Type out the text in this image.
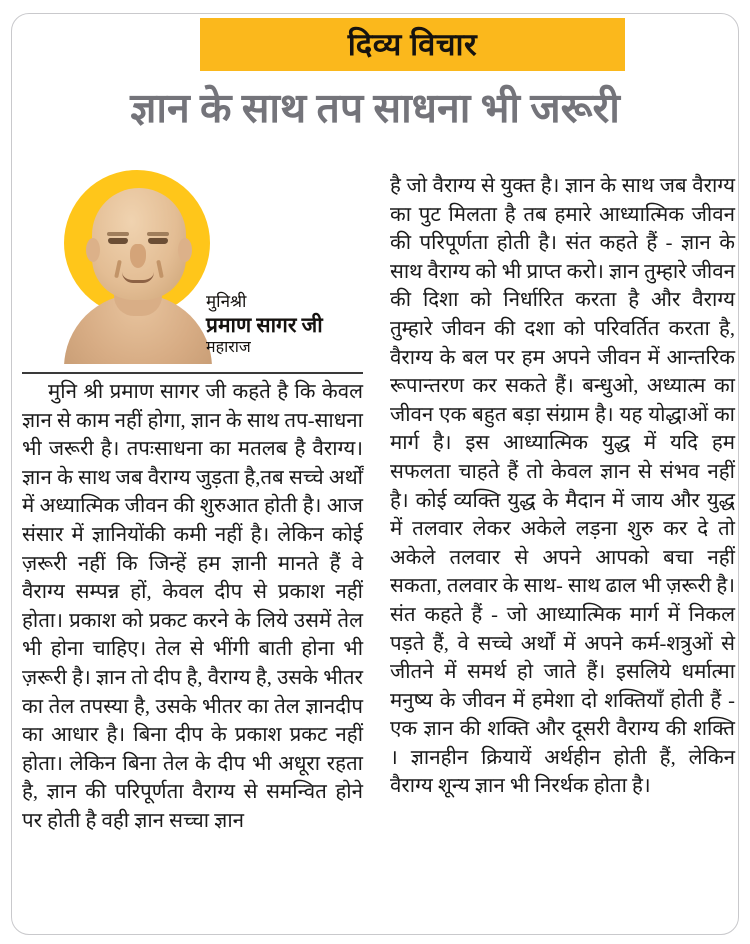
दिव्य विचार
ज्ञान के साथ तप साधना भी जरूरी
मुनिश्री
प्रमाण सागर जी
महाराज

मुनि श्री प्रमाण सागर जी कहते है कि केवल ज्ञान से काम नहीं होगा, ज्ञान के साथ तप-साधना भी जरूरी है। तपःसाधना का मतलब है वैराग्य। ज्ञान के साथ जब वैराग्य जुड़ता है,तब सच्चे अर्थों में अध्यात्मिक जीवन की शुरुआत होती है। आज संसार में ज्ञानियोंकी कमी नहीं है। लेकिन कोई ज़रूरी नहीं कि जिन्हें हम ज्ञानी मानते हैं वे वैराग्य सम्पन्न हों, केवल दीप से प्रकाश नहीं होता। प्रकाश को प्रकट करने के लिये उसमें तेल भी होना चाहिए। तेल से भींगी बाती होना भी ज़रूरी है। ज्ञान तो दीप है, वैराग्य है, उसके भीतर का तेल तपस्या है, उसके भीतर का तेल ज्ञानदीप का आधार है। बिना दीप के प्रकाश प्रकट नहीं होता। लेकिन बिना तेल के दीप भी अधूरा रहता है, ज्ञान की परिपूर्णता वैराग्य से समन्वित होने पर होती है वही ज्ञान सच्चा ज्ञान

है जो वैराग्य से युक्त है। ज्ञान के साथ जब वैराग्य का पुट मिलता है तब हमारे आध्यात्मिक जीवन की परिपूर्णता होती है। संत कहते हैं - ज्ञान के साथ वैराग्य को भी प्राप्त करो। ज्ञान तुम्हारे जीवन की दिशा को निर्धारित करता है और वैराग्य तुम्हारे जीवन की दशा को परिवर्तित करता है, वैराग्य के बल पर हम अपने जीवन में आन्तरिक रूपान्तरण कर सकते हैं। बन्धुओ, अध्यात्म का जीवन एक बहुत बड़ा संग्राम है। यह योद्धाओं का मार्ग है। इस आध्यात्मिक युद्ध में यदि हम सफलता चाहते हैं तो केवल ज्ञान से संभव नहीं है। कोई व्यक्ति युद्ध के मैदान में जाय और युद्ध में तलवार लेकर अकेले लड़ना शुरु कर दे तो अकेले तलवार से अपने आपको बचा नहीं सकता, तलवार के साथ- साथ ढाल भी ज़रूरी है। संत कहते हैं - जो आध्यात्मिक मार्ग में निकल पड़ते हैं, वे सच्चे अर्थों में अपने कर्म-शत्रुओं से जीतने में समर्थ हो जाते हैं। इसलिये धर्मात्मा मनुष्य के जीवन में हमेशा दो शक्तियाँ होती हैं - एक ज्ञान की शक्ति और दूसरी वैराग्य की शक्ति । ज्ञानहीन क्रियायें अर्थहीन होती हैं, लेकिन वैराग्य शून्य ज्ञान भी निरर्थक होता है।
